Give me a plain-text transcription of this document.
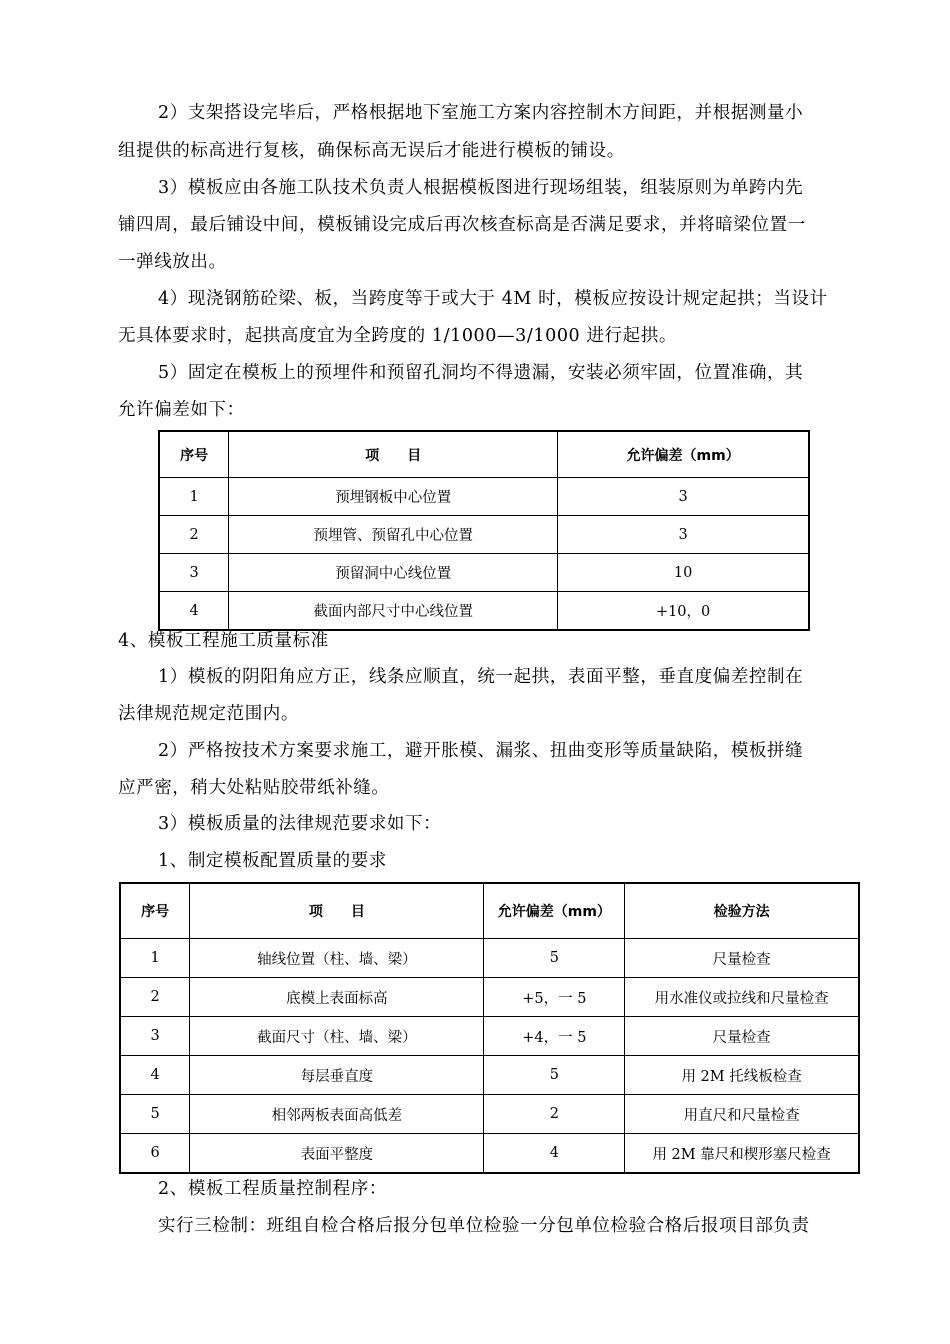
2）支架搭设完毕后，严格根据地下室施工方案内容控制木方间距，并根据测量小
组提供的标高进行复核，确保标高无误后才能进行模板的铺设。
3）模板应由各施工队技术负责人根据模板图进行现场组装，组装原则为单跨内先
铺四周，最后铺设中间，模板铺设完成后再次核查标高是否满足要求，并将暗梁位置一
一弹线放出。
4）现浇钢筋砼梁、板，当跨度等于或大于 4M 时，模板应按设计规定起拱；当设计
无具体要求时，起拱高度宜为全跨度的 1/1000—3/1000 进行起拱。
5）固定在模板上的预埋件和预留孔洞均不得遗漏，安装必须牢固，位置准确，其
允许偏差如下：
序号	项　　目	允许偏差（mm）
1	预埋钢板中心位置	3
2	预埋管、预留孔中心位置	3
3	预留洞中心线位置	10
4	截面内部尺寸中心线位置	+10，0
4、模板工程施工质量标准
1）模板的阴阳角应方正，线条应顺直，统一起拱，表面平整，垂直度偏差控制在
法律规范规定范围内。
2）严格按技术方案要求施工，避开胀模、漏浆、扭曲变形等质量缺陷，模板拼缝
应严密，稍大处粘贴胶带纸补缝。
3）模板质量的法律规范要求如下：
1、制定模板配置质量的要求
序号	项　　目	允许偏差（mm）	检验方法
1	轴线位置（柱、墙、梁）	5	尺量检查
2	底模上表面标高	+5，一 5	用水准仪或拉线和尺量检查
3	截面尺寸（柱、墙、梁）	+4，一 5	尺量检查
4	每层垂直度	5	用 2M 托线板检查
5	相邻两板表面高低差	2	用直尺和尺量检查
6	表面平整度	4	用 2M 靠尺和楔形塞尺检查
2、模板工程质量控制程序：
实行三检制：班组自检合格后报分包单位检验一分包单位检验合格后报项目部负责
